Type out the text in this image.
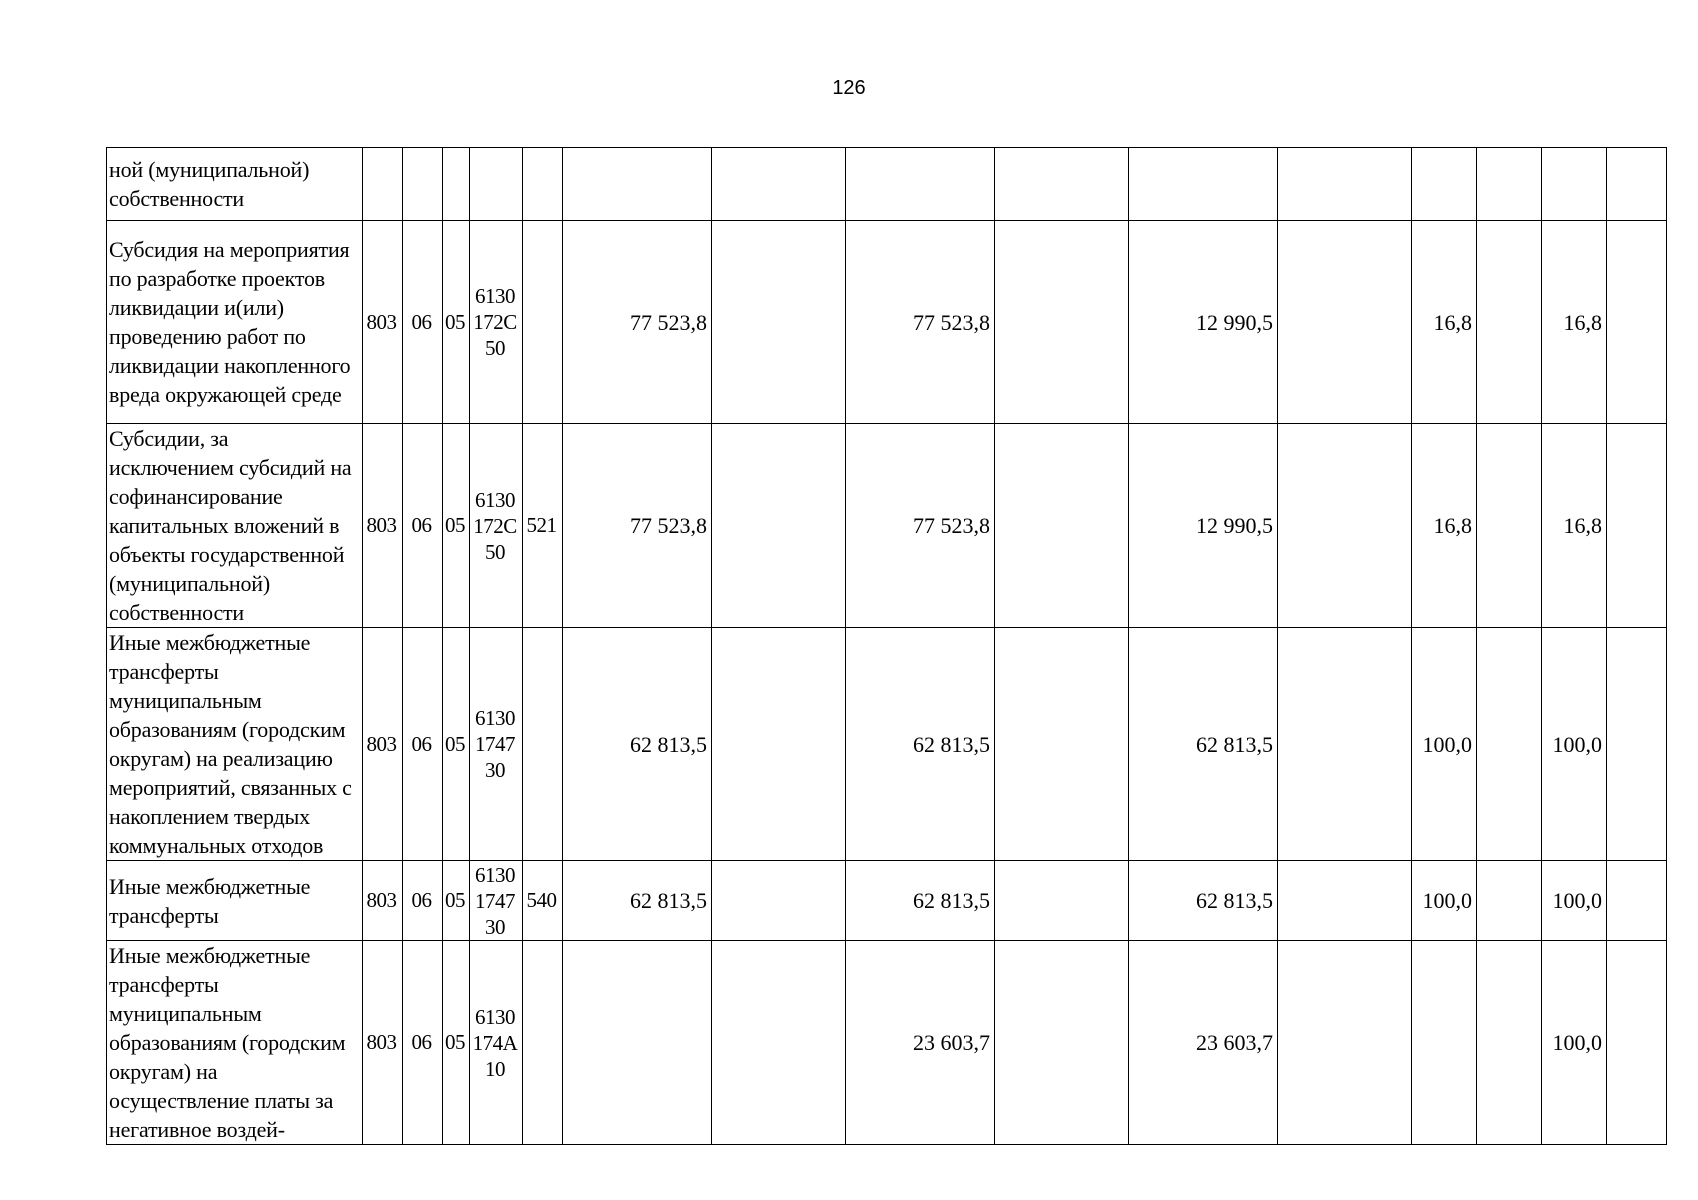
126
ной (муниципальной) собственности															
Субсидия на мероприятия по разработке проектов ликвидации и(или) проведению работ по ликвидации накопленного вреда окружающей среде	803	06	05	6130 172С 50		77 523,8		77 523,8		12 990,5		16,8		16,8	
Субсидии, за исключением субсидий на софинансирование капитальных вложений в объекты государственной (муниципальной) собственности	803	06	05	6130 172С 50	521	77 523,8		77 523,8		12 990,5		16,8		16,8	
Иные межбюджетные трансферты муниципальным образованиям (городским округам) на реализацию мероприятий, связанных с накоплением твердых коммунальных отходов	803	06	05	6130 1747 30		62 813,5		62 813,5		62 813,5		100,0		100,0	
Иные межбюджетные трансферты	803	06	05	6130 1747 30	540	62 813,5		62 813,5		62 813,5		100,0		100,0	
Иные межбюджетные трансферты муниципальным образованиям (городским округам) на осуществление платы за негативное воздей-	803	06	05	6130 174А 10				23 603,7		23 603,7				100,0	
